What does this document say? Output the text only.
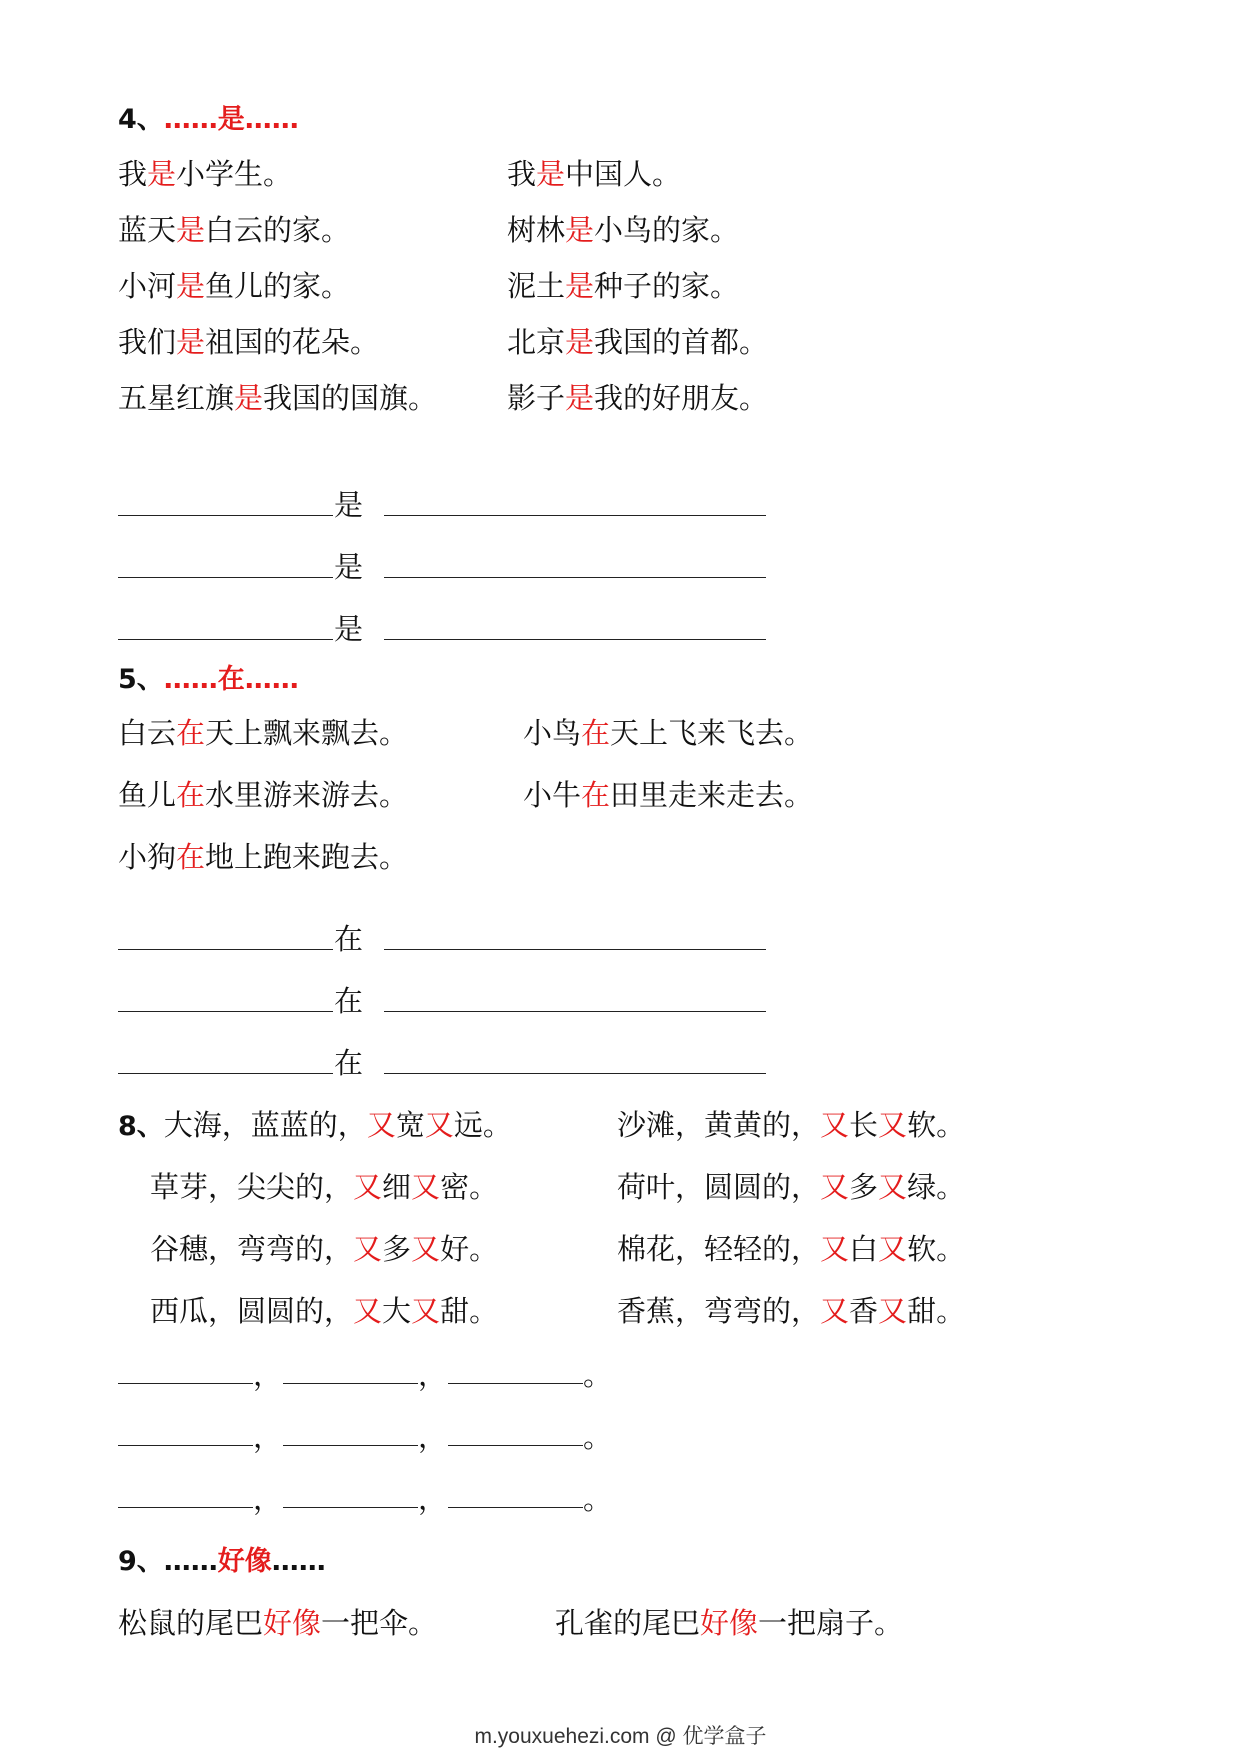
4、……是……
我是小学生。	我是中国人。
蓝天是白云的家。	树林是小鸟的家。
小河是鱼儿的家。	泥土是种子的家。
我们是祖国的花朵。	北京是我国的首都。
五星红旗是我国的国旗。 影子是我的好朋友。
是
是
是
5、……在……
白云在天上飘来飘去。	小鸟在天上飞来飞去。
鱼儿在水里游来游去。	小牛在田里走来走去。
小狗在地上跑来跑去。
在
在
在
8、大海，蓝蓝的，又宽又远。	沙滩，黄黄的，又长又软。
草芽，尖尖的，又细又密。	荷叶，圆圆的，又多又绿。
谷穗，弯弯的，又多又好。	棉花，轻轻的，又白又软。
西瓜，圆圆的，又大又甜。	香蕉，弯弯的，又香又甜。
，	，	。
，	，	。
，	，	。
9、……好像……
松鼠的尾巴好像一把伞。	孔雀的尾巴好像一把扇子。
m.youxuehezi.com @ 优学盒子
